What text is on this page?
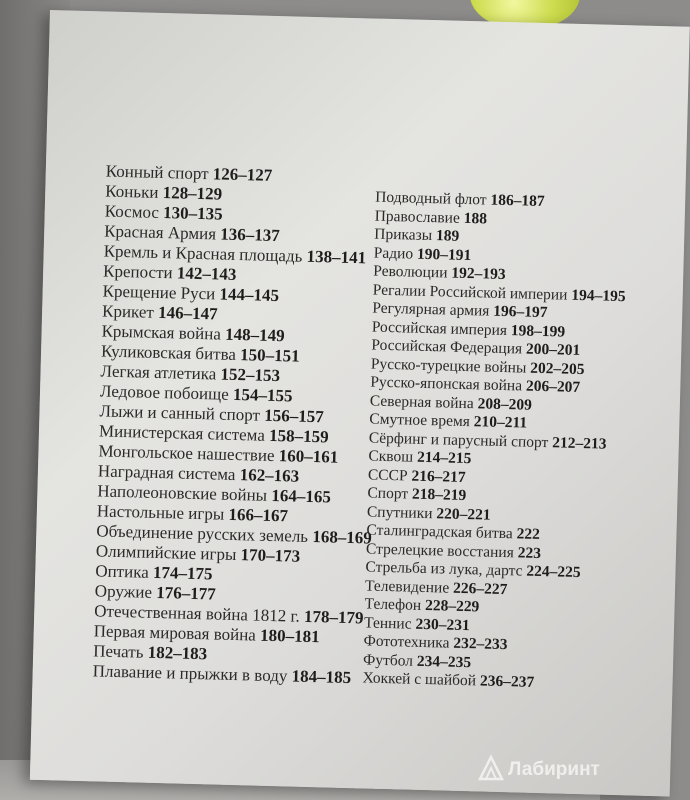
Конный спорт 126–127

Коньки 128–129

Космос 130–135

Красная Армия 136–137

Кремль и Красная площадь 138–141

Крепости 142–143

Крещение Руси 144–145

Крикет 146–147

Крымская война 148–149

Куликовская битва 150–151

Легкая атлетика 152–153

Ледовое побоище 154–155

Лыжи и санный спорт 156–157

Министерская система 158–159

Монгольское нашествие 160–161

Наградная система 162–163

Наполеоновские войны 164–165

Настольные игры 166–167

Объединение русских земель 168–169

Олимпийские игры 170–173

Оптика 174–175

Оружие 176–177

Отечественная война 1812 г. 178–179

Первая мировая война 180–181

Печать 182–183

Плавание и прыжки в воду 184–185

Подводный флот 186–187

Православие 188

Приказы 189

Радио 190–191

Революции 192–193

Регалии Российской империи 194–195

Регулярная армия 196–197

Российская империя 198–199

Российская Федерация 200–201

Русско-турецкие войны 202–205

Русско-японская война 206–207

Северная война 208–209

Смутное время 210–211

Сёрфинг и парусный спорт 212–213

Сквош 214–215

СССР 216–217

Спорт 218–219

Спутники 220–221

Сталинградская битва 222

Стрелецкие восстания 223

Стрельба из лука, дартс 224–225

Телевидение 226–227

Телефон 228–229

Теннис 230–231

Фототехника 232–233

Футбол 234–235

Хоккей с шайбой 236–237

Лабиринт
